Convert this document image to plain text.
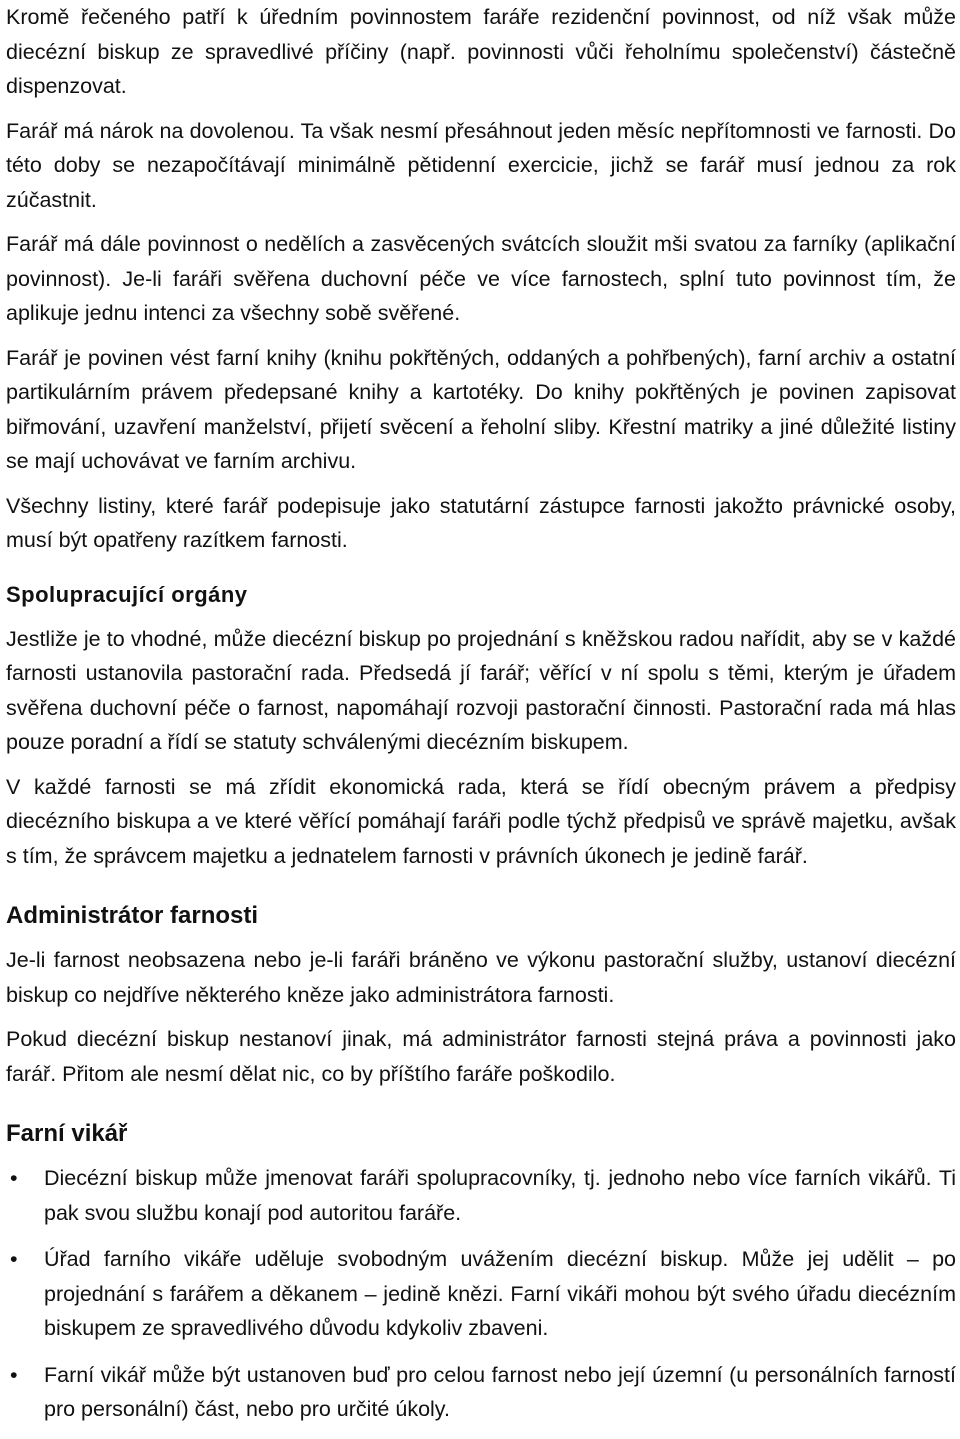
Kromě řečeného patří k úředním povinnostem faráře rezidenční povinnost, od níž však může diecézní biskup ze spravedlivé příčiny (např. povinnosti vůči řeholnímu společenství) částečně dispenzovat.

Farář má nárok na dovolenou. Ta však nesmí přesáhnout jeden měsíc nepřítomnosti ve farnosti. Do této doby se nezapočítávají minimálně pětidenní exercicie, jichž se farář musí jednou za rok zúčastnit.

Farář má dále povinnost o nedělích a zasvěcených svátcích sloužit mši svatou za farníky (aplikační povinnost). Je-li faráři svěřena duchovní péče ve více farnostech, splní tuto povinnost tím, že aplikuje jednu intenci za všechny sobě svěřené.

Farář je povinen vést farní knihy (knihu pokřtěných, oddaných a pohřbených), farní archiv a ostatní partikulárním právem předepsané knihy a kartotéky. Do knihy pokřtěných je povinen zapisovat biřmování, uzavření manželství, přijetí svěcení a řeholní sliby. Křestní matriky a jiné důležité listiny se mají uchovávat ve farním archivu.

Všechny listiny, které farář podepisuje jako statutární zástupce farnosti jakožto právnické osoby, musí být opatřeny razítkem farnosti.

Spolupracující orgány

Jestliže je to vhodné, může diecézní biskup po projednání s kněžskou radou nařídit, aby se v každé farnosti ustanovila pastorační rada. Předsedá jí farář; věřící v ní spolu s těmi, kterým je úřadem svěřena duchovní péče o farnost, napomáhají rozvoji pastorační činnosti. Pastorační rada má hlas pouze poradní a řídí se statuty schválenými diecézním biskupem.

V každé farnosti se má zřídit ekonomická rada, která se řídí obecným právem a předpisy diecézního biskupa a ve které věřící pomáhají faráři podle týchž předpisů ve správě majetku, avšak s tím, že správcem majetku a jednatelem farnosti v právních úkonech je jedině farář.

Administrátor farnosti

Je-li farnost neobsazena nebo je-li faráři bráněno ve výkonu pastorační služby, ustanoví diecézní biskup co nejdříve některého kněze jako administrátora farnosti.

Pokud diecézní biskup nestanoví jinak, má administrátor farnosti stejná práva a povinnosti jako farář. Přitom ale nesmí dělat nic, co by příštího faráře poškodilo.

Farní vikář
• Diecézní biskup může jmenovat faráři spolupracovníky, tj. jednoho nebo více farních vikářů. Ti pak svou službu konají pod autoritou faráře.

• Úřad farního vikáře uděluje svobodným uvážením diecézní biskup. Může jej udělit – po projednání s farářem a děkanem – jedině knězi. Farní vikáři mohou být svého úřadu diecézním biskupem ze spravedlivého důvodu kdykoliv zbaveni.

• Farní vikář může být ustanoven buď pro celou farnost nebo její územní (u personálních farností pro personální) část, nebo pro určité úkoly.
